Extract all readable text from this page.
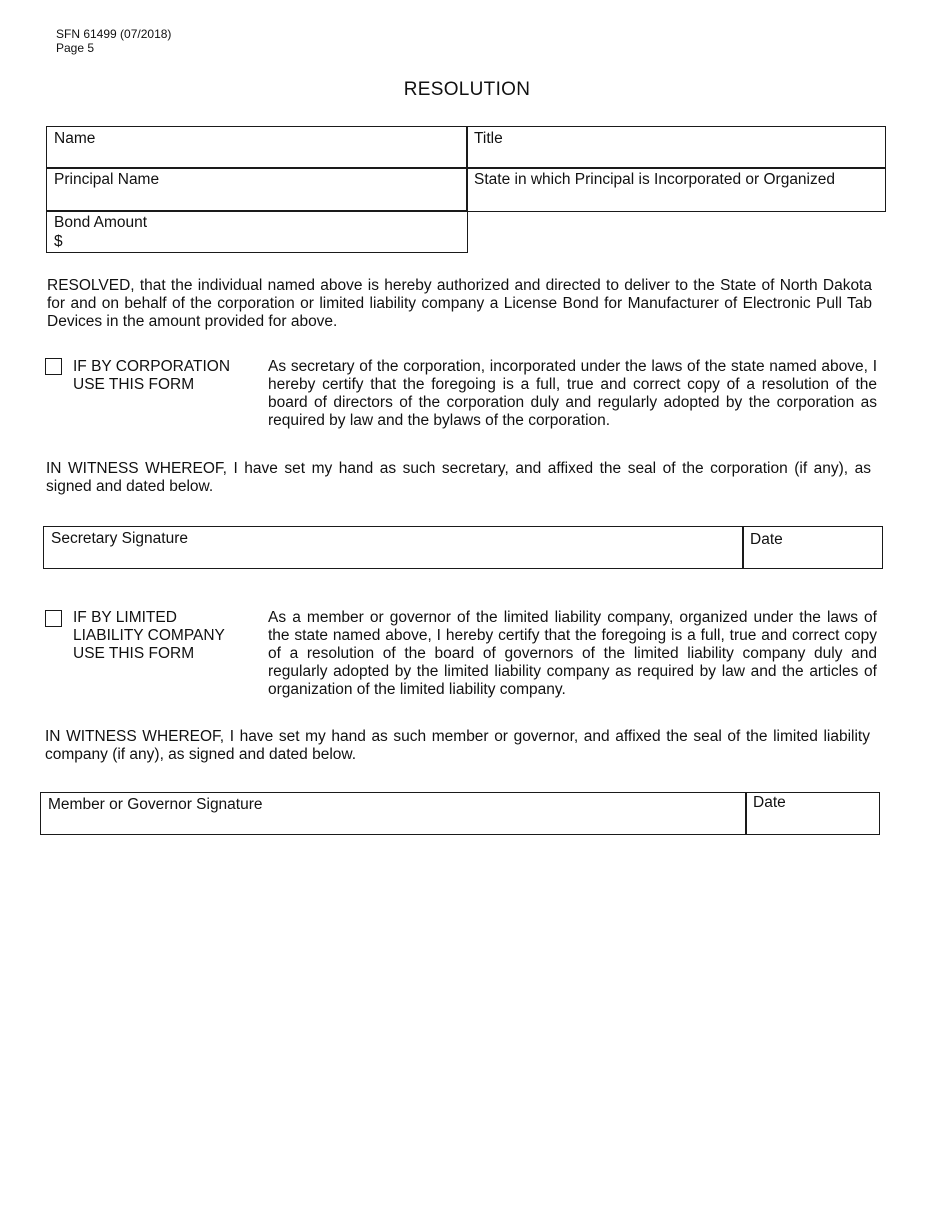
SFN 61499 (07/2018)
Page 5
RESOLUTION
Name	Title
Principal Name	State in which Principal is Incorporated or Organized
Bond Amount
$
RESOLVED, that the individual named above is hereby authorized and directed to deliver to the State of North Dakota for and on behalf of the corporation or limited liability company a License Bond for Manufacturer of Electronic Pull Tab Devices in the amount provided for above.
IF BY CORPORATION
USE THIS FORM
As secretary of the corporation, incorporated under the laws of the state named above, I hereby certify that the foregoing is a full, true and correct copy of a resolution of the board of directors of the corporation duly and regularly adopted by the corporation as required by law and the bylaws of the corporation.
IN WITNESS WHEREOF, I have set my hand as such secretary, and affixed the seal of the corporation (if any), as signed and dated below.
Secretary Signature	Date
IF BY LIMITED
LIABILITY COMPANY
USE THIS FORM
As a member or governor of the limited liability company, organized under the laws of the state named above, I hereby certify that the foregoing is a full, true and correct copy of a resolution of the board of governors of the limited liability company duly and regularly adopted by the limited liability company as required by law and the articles of organization of the limited liability company.
IN WITNESS WHEREOF, I have set my hand as such member or governor, and affixed the seal of the limited liability company (if any), as signed and dated below.
Member or Governor Signature	Date
